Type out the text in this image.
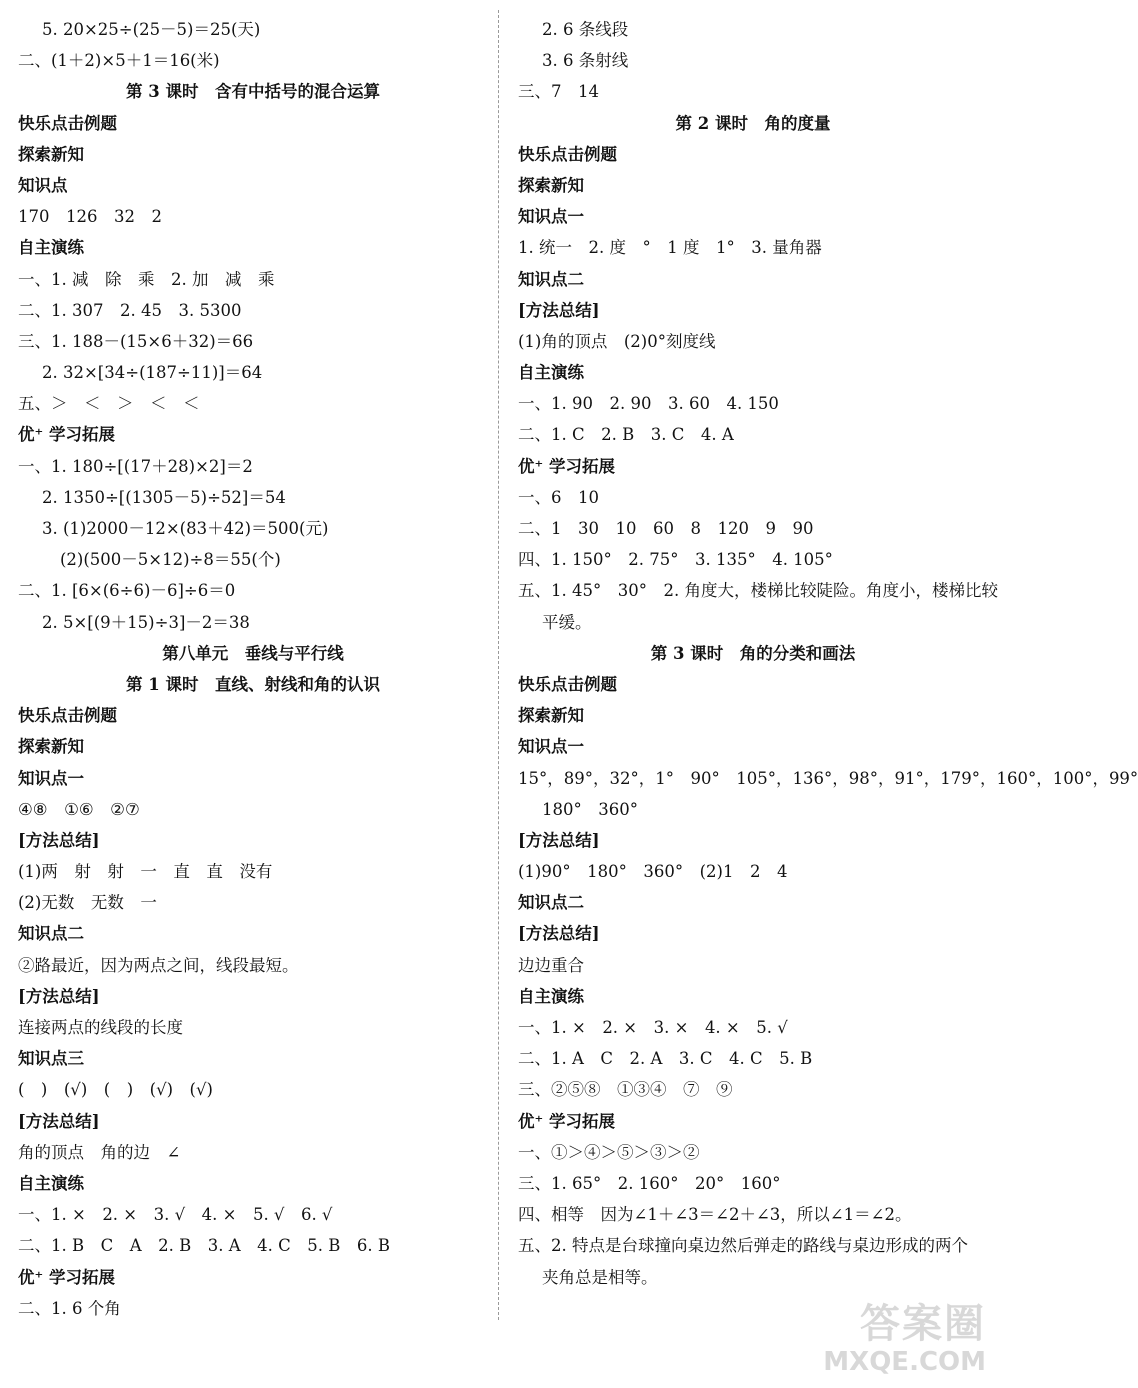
5. 20×25÷(25－5)＝25(天)
二、(1＋2)×5＋1＝16(米)
第 3 课时　含有中括号的混合运算
快乐点击例题
探索新知
知识点
170　126　32　2
自主演练
一、1. 减　除　乘　2. 加　减　乘
二、1. 307　2. 45　3. 5300
三、1. 188－(15×6＋32)＝66
2. 32×[34÷(187÷11)]＝64
五、＞　＜　＞　＜　＜
优⁺ 学习拓展
一、1. 180÷[(17＋28)×2]＝2
2. 1350÷[(1305－5)÷52]＝54
3. (1)2000－12×(83＋42)＝500(元)
(2)(500－5×12)÷8＝55(个)
二、1. [6×(6÷6)－6]÷6＝0
2. 5×[(9＋15)÷3]－2＝38
第八单元　垂线与平行线
第 1 课时　直线、射线和角的认识
快乐点击例题
探索新知
知识点一
④⑧　①⑥　②⑦
[方法总结]
(1)两　射　射　一　直　直　没有
(2)无数　无数　一
知识点二
②路最近，因为两点之间，线段最短。
[方法总结]
连接两点的线段的长度
知识点三
(　)　(√)　(　)　(√)　(√)
[方法总结]
角的顶点　角的边　∠
自主演练
一、1. ×　2. ×　3. √　4. ×　5. √　6. √
二、1. B　C　A　2. B　3. A　4. C　5. B　6. B
优⁺ 学习拓展
二、1. 6 个角
2. 6 条线段
3. 6 条射线
三、7　14
第 2 课时　角的度量
快乐点击例题
探索新知
知识点一
1. 统一　2. 度　°　1 度　1°　3. 量角器
知识点二
[方法总结]
(1)角的顶点　(2)0°刻度线
自主演练
一、1. 90　2. 90　3. 60　4. 150
二、1. C　2. B　3. C　4. A
优⁺ 学习拓展
一、6　10
二、1　30　10　60　8　120　9　90
四、1. 150°　2. 75°　3. 135°　4. 105°
五、1. 45°　30°　2. 角度大，楼梯比较陡险。角度小，楼梯比较
平缓。
第 3 课时　角的分类和画法
快乐点击例题
探索新知
知识点一
15°，89°，32°，1°　90°　105°，136°，98°，91°，179°，160°，100°，99°
180°　360°
[方法总结]
(1)90°　180°　360°　(2)1　2　4
知识点二
[方法总结]
边边重合
自主演练
一、1. ×　2. ×　3. ×　4. ×　5. √
二、1. A　C　2. A　3. C　4. C　5. B
三、②⑤⑧　①③④　⑦　⑨
优⁺ 学习拓展
一、①＞④＞⑤＞③＞②
三、1. 65°　2. 160°　20°　160°
四、相等　因为∠1＋∠3＝∠2＋∠3，所以∠1＝∠2。
五、2. 特点是台球撞向桌边然后弹走的路线与桌边形成的两个
夹角总是相等。
答案圈
MXQE.COM
